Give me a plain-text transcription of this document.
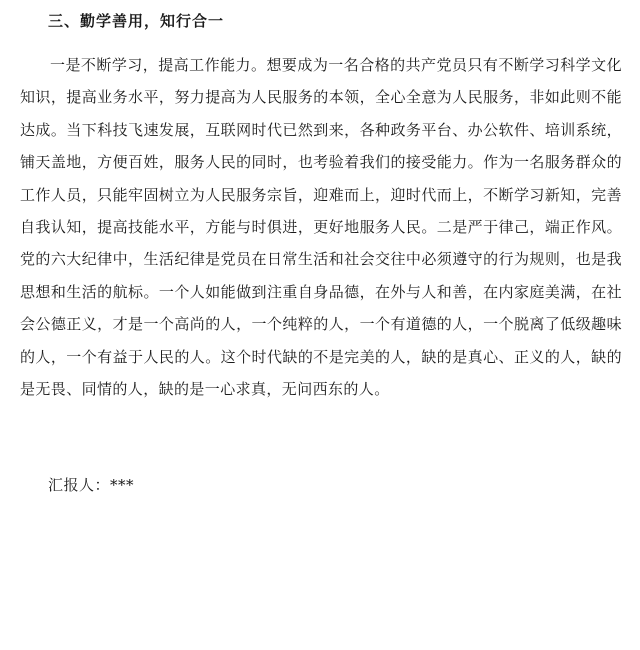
三、勤学善用，知行合一

一是不断学习，提高工作能力。想要成为一名合格的共产党员只有不断学习科学文化知识，提高业务水平，努力提高为人民服务的本领，全心全意为人民服务，非如此则不能达成。当下科技飞速发展，互联网时代已然到来，各种政务平台、办公软件、培训系统，铺天盖地，方便百姓，服务人民的同时，也考验着我们的接受能力。作为一名服务群众的工作人员，只能牢固树立为人民服务宗旨，迎难而上，迎时代而上，不断学习新知，完善自我认知，提高技能水平，方能与时俱进，更好地服务人民。二是严于律己，端正作风。党的六大纪律中，生活纪律是党员在日常生活和社会交往中必须遵守的行为规则，也是我思想和生活的航标。一个人如能做到注重自身品德，在外与人和善，在内家庭美满，在社会公德正义，才是一个高尚的人，一个纯粹的人，一个有道德的人，一个脱离了低级趣味的人，一个有益于人民的人。这个时代缺的不是完美的人，缺的是真心、正义的人，缺的是无畏、同情的人，缺的是一心求真，无问西东的人。

汇报人：***
